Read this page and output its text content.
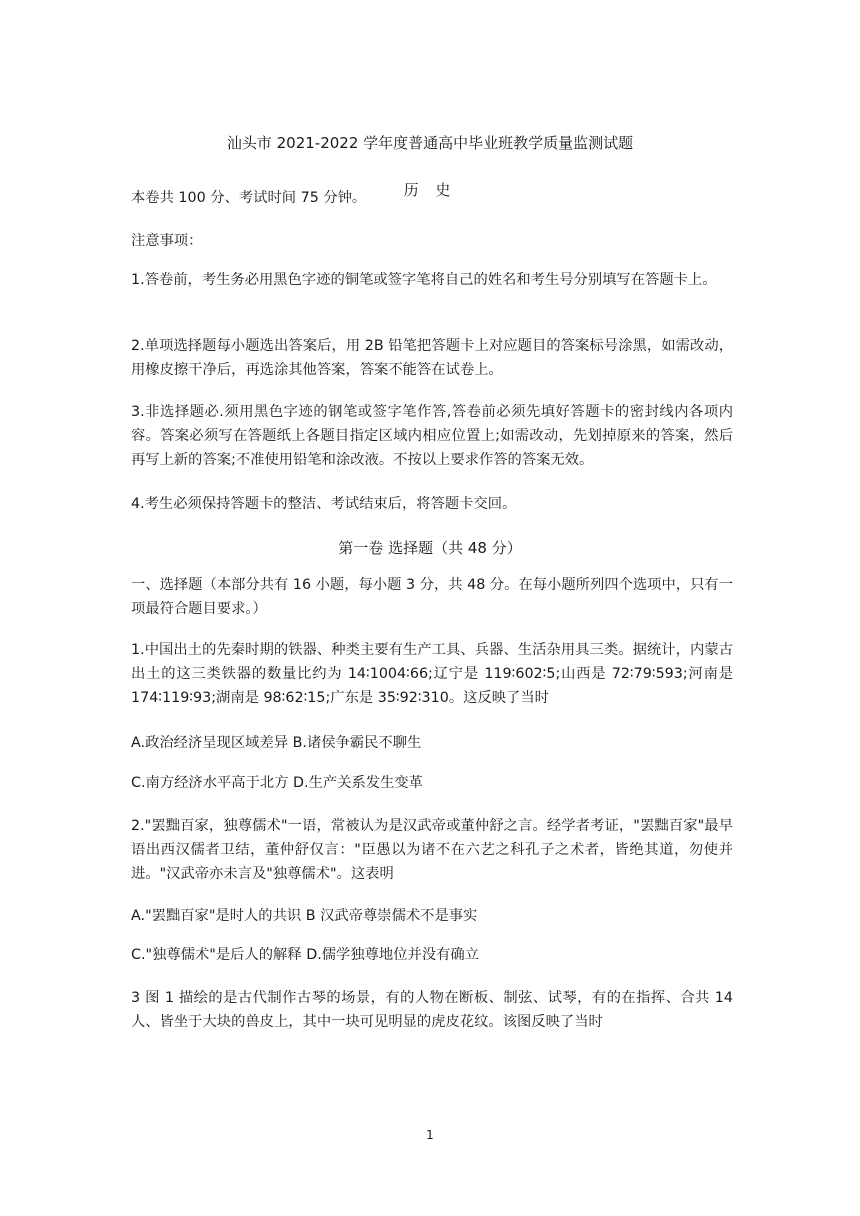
汕头市 2021-2022 学年度普通高中毕业班教学质量监测试题
历 史
本卷共 100 分、考试时间 75 分钟。
注意事项：
1.答卷前，考生务必用黑色字迹的铜笔或签字笔将自己的姓名和考生号分别填写在答题卡上。
2.单项选择题每小题选出答案后，用 2B 铅笔把答题卡上对应题目的答案标号涂黑，如需改动，用橡皮擦干净后，再选涂其他答案，答案不能答在试卷上。
3.非选择题必.须用黑色字迹的钢笔或签字笔作答,答卷前必须先填好答题卡的密封线内各项内容。答案必须写在答题纸上各题目指定区域内相应位置上;如需改动，先划掉原来的答案，然后再写上新的答案;不准使用铅笔和涂改液。不按以上要求作答的答案无效。
4.考生必须保持答题卡的整洁、考试结束后，将答题卡交回。
第一卷 选择题（共 48 分）
一、选择题（本部分共有 16 小题，每小题 3 分，共 48 分。在每小题所列四个选项中，只有一项最符合题目要求。）
1.中国出土的先秦时期的铁器、种类主要有生产工具、兵器、生活杂用具三类。据统计，内蒙古出土的这三类铁器的数量比约为 14∶1004∶66;辽宁是 119∶602∶5;山西是 72∶79∶593;河南是 174∶119∶93;湖南是 98∶62∶15;广东是 35∶92∶310。这反映了当时
A.政治经济呈现区域差异 B.诸侯争霸民不聊生
C.南方经济水平高于北方 D.生产关系发生变革
2."罢黜百家，独尊儒术"一语，常被认为是汉武帝或董仲舒之言。经学者考证，"罢黜百家"最早语出西汉儒者卫结，董仲舒仅言："臣愚以为诸不在六艺之科孔子之术者，皆绝其道，勿使并进。"汉武帝亦未言及"独尊儒术"。这表明
A."罢黜百家"是时人的共识 B 汉武帝尊崇儒术不是事实
C."独尊儒术"是后人的解释 D.儒学独尊地位并没有确立
3 图 1 描绘的是古代制作古琴的场景，有的人物在断板、制弦、试琴，有的在指挥、合共 14 人、皆坐于大块的兽皮上，其中一块可见明显的虎皮花纹。该图反映了当时
1
